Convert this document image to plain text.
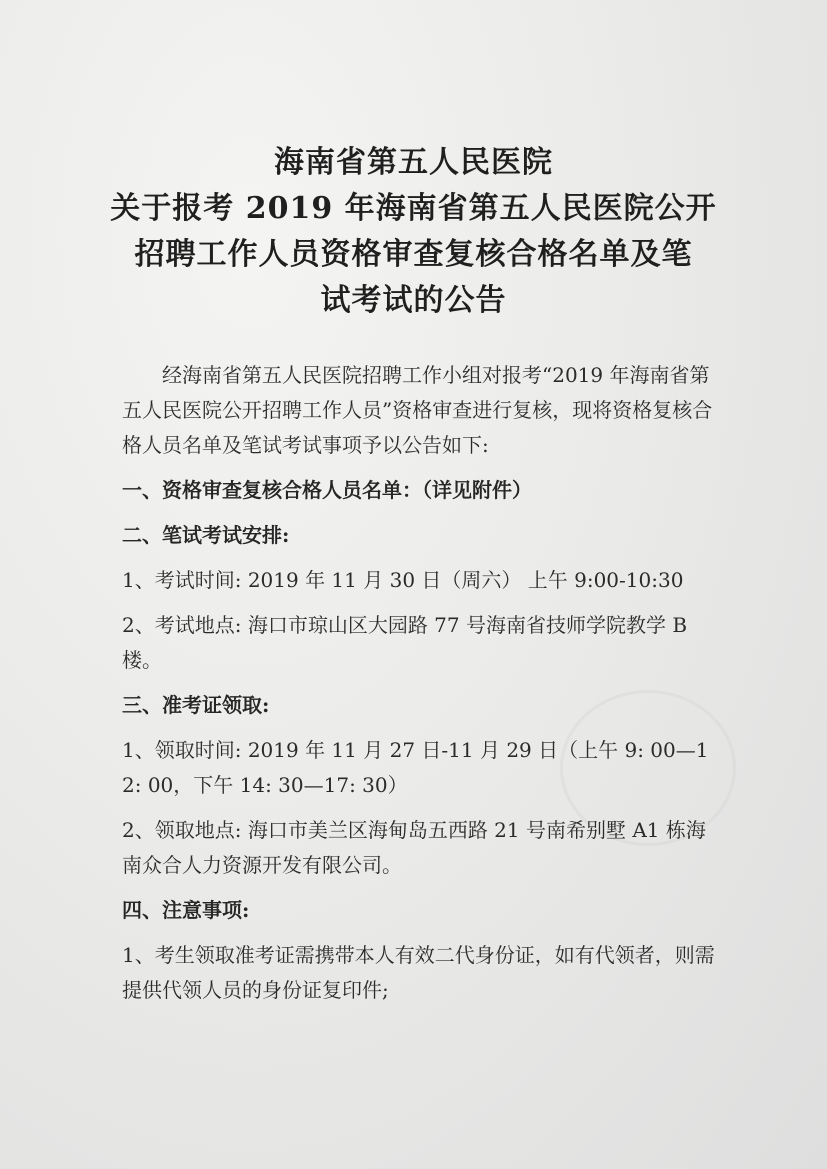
海南省第五人民医院
关于报考 2019 年海南省第五人民医院公开
招聘工作人员资格审查复核合格名单及笔
试考试的公告

经海南省第五人民医院招聘工作小组对报考“2019 年海南省第五人民医院公开招聘工作人员”资格审查进行复核，现将资格复核合格人员名单及笔试考试事项予以公告如下:

一、资格审查复核合格人员名单：（详见附件）
二、笔试考试安排:

1、考试时间: 2019 年 11 月 30 日（周六） 上午 9:00-10:30

2、考试地点: 海口市琼山区大园路 77 号海南省技师学院教学 B 楼。

三、准考证领取:

1、领取时间: 2019 年 11 月 27 日-11 月 29 日（上午 9: 00—12: 00，下午 14: 30—17: 30）

2、领取地点: 海口市美兰区海甸岛五西路 21 号南希别墅 A1 栋海南众合人力资源开发有限公司。

四、注意事项:

1、考生领取准考证需携带本人有效二代身份证，如有代领者，则需提供代领人员的身份证复印件;
